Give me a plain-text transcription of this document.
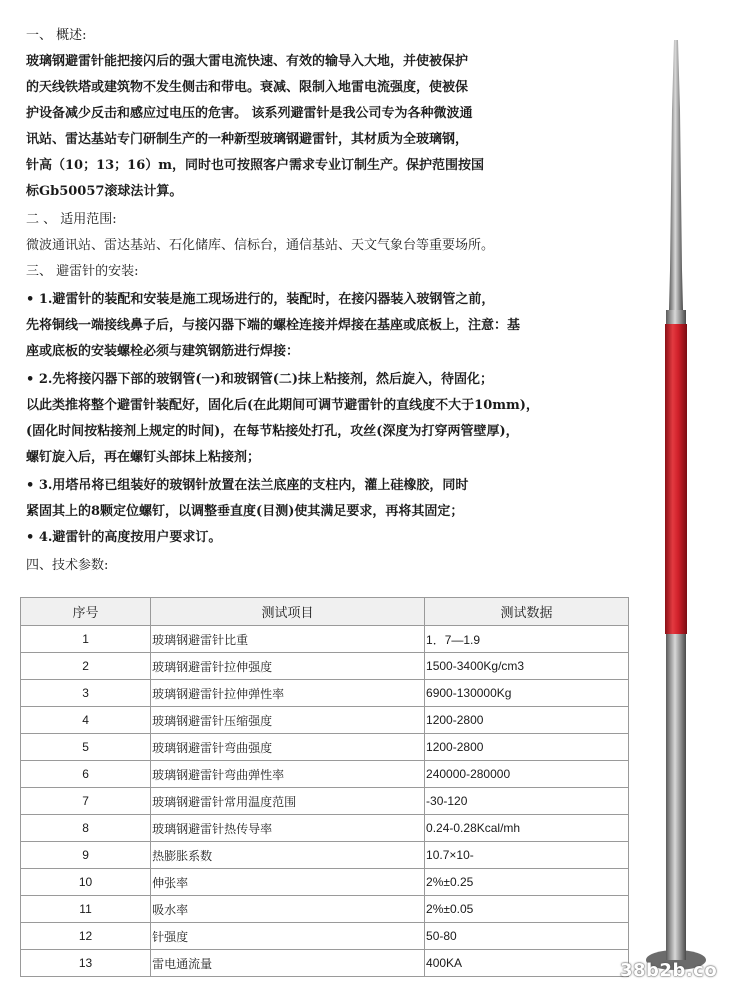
一、 概述:
玻璃钢避雷针能把接闪后的强大雷电流快速、有效的输导入大地，并使被保护
的天线铁塔或建筑物不发生侧击和带电。衰减、限制入地雷电流强度，使被保
护设备减少反击和感应过电压的危害。 该系列避雷针是我公司专为各种微波通
讯站、雷达基站专门研制生产的一种新型玻璃钢避雷针，其材质为全玻璃钢，
针高（10；13；16）m，同时也可按照客户需求专业订制生产。保护范围按国
标Gb50057滚球法计算。
二 、 适用范围:
微波通讯站、雷达基站、石化储库、信标台，通信基站、天文气象台等重要场所。
三、 避雷针的安装:
• 1.避雷针的装配和安装是施工现场进行的，装配时，在接闪器装入玻钢管之前，
先将铜线一端接线鼻子后，与接闪器下端的螺栓连接并焊接在基座或底板上，注意：基
座或底板的安装螺栓必须与建筑钢筋进行焊接：
• 2.先将接闪器下部的玻钢管(一)和玻钢管(二)抹上粘接剂，然后旋入，待固化；
以此类推将整个避雷针装配好，固化后(在此期间可调节避雷针的直线度不大于10mm)，
(固化时间按粘接剂上规定的时间)，在每节粘接处打孔，攻丝(深度为打穿两管壁厚)，
螺钉旋入后，再在螺钉头部抹上粘接剂；
• 3.用塔吊将已组装好的玻钢针放置在法兰底座的支柱内，灌上硅橡胶，同时
紧固其上的8颗定位螺钉，以调整垂直度(目测)使其满足要求，再将其固定；
• 4.避雷针的高度按用户要求订。
四、技术参数:
序号	测试项目	测试数据
1	玻璃钢避雷针比重	1．7—1.9
2	玻璃钢避雷针拉伸强度	1500-3400Kg/cm3
3	玻璃钢避雷针拉伸弹性率	6900-130000Kg
4	玻璃钢避雷针压缩强度	1200-2800
5	玻璃钢避雷针弯曲强度	1200-2800
6	玻璃钢避雷针弯曲弹性率	240000-280000
7	玻璃钢避雷针常用温度范围	-30-120
8	玻璃钢避雷针热传导率	0.24-0.28Kcal/mh
9	热膨胀系数	10.7×10-
10	伸张率	2%±0.25
11	吸水率	2%±0.05
12	针强度	50-80
13	雷电通流量	400KA	38b2b.co
